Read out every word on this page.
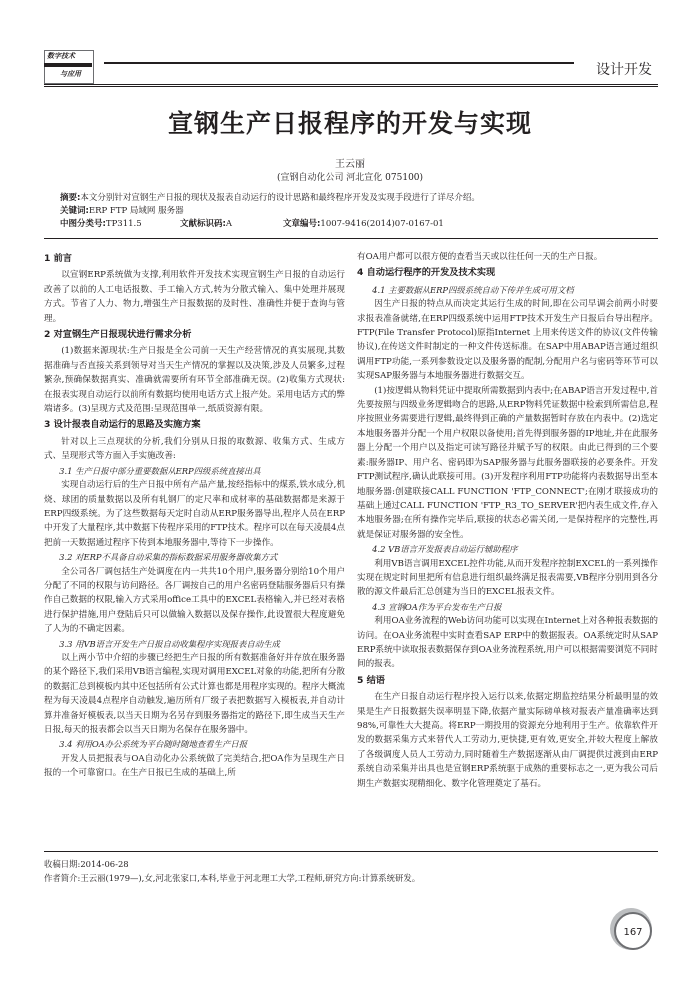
数字技术
与应用	设计开发
宣钢生产日报程序的开发与实现
王云丽
(宣钢自动化公司 河北宣化 075100)
摘要:本文分别针对宣钢生产日报的现状及报表自动运行的设计思路和最终程序开发及实现手段进行了详尽介绍。
关键词:ERP FTP 局域网 服务器
中图分类号:TP311.5	文献标识码:A	文章编号:1007-9416(2014)07-0167-01
1 前言

以宣钢ERP系统做为支撑,利用软件开发技术实现宣钢生产日报的自动运行改善了以前的人工电话报数、手工输入方式,转为分散式输入、集中处理并展现方式。节省了人力、物力,增强生产日报数据的及时性、准确性并便于查询与管理。

2 对宣钢生产日报现状进行需求分析

(1)数据来源现状:生产日报是全公司前一天生产经营情况的真实展现,其数据准确与否直接关系到领导对当天生产情况的掌握以及决策,涉及人员繁多,过程繁杂,预确保数据真实、准确就需要所有环节全部准确无误。(2)收集方式现状:在报表实现自动运行以前所有数据均使用电话方式上报产处。采用电话方式的弊端诸多。(3)呈现方式及范围:呈现范围单一,纸质资源有限。

3 设计报表自动运行的思路及实施方案

针对以上三点现状的分析,我们分别从日报的取数源、收集方式、生成方式、呈现形式等方面入手实施改善:

3.1 生产日报中部分重要数据从ERP四级系统直接出具

实现自动运行后的生产日报中所有产品产量,按经指标中的煤系,铁水成分,机烧、球团的质量数据以及所有轧钢厂的定尺率和成材率的基础数据都是来源于ERP四级系统。为了这些数据每天定时自动从ERP服务器导出,程序人员在ERP中开发了大量程序,其中数据下传程序采用的FTP技术。程序可以在每天凌晨4点把前一天数据通过程序下传到本地服务器中,等待下一步操作。

3.2 对ERP不具备自动采集的指标数据采用服务器收集方式

全公司各厂调包括生产处调度在内一共共10个用户,服务器分别给10个用户分配了不同的权限与访问路径。各厂调按自己的用户名密码登陆服务器后只有操作自己数据的权限,输入方式采用office工具中的EXCEL表格输入,并已经对表格进行保护措施,用户登陆后只可以做输入数据以及保存操作,此设置很大程度避免了人为的不确定因素。

3.3 用VB语言开发生产日报自动收集程序实现报表自动生成

以上两小节中介绍的步骤已经把生产日报的所有数据准备好并存放在服务器的某个路径下,我们采用VB语言编程,实现对调用EXCEL对象的功能,把所有分散的数据汇总到模板内其中还包括所有公式计算也都是用程序实现的。程序大概流程为每天凌晨4点程序自动触发,遍历所有厂级子表把数据写入模板表,并自动计算并准备好模板表,以当天日期为名另存到服务器指定的路径下,即生成当天生产日报,每天的报表都会以当天日期为名保存在服务器中。

3.4 利用OA办公系统为平台随时随地查看生产日报

开发人员把报表与OA自动化办公系统做了完美结合,把OA作为呈现生产日报的一个可靠窗口。在生产日报已生成的基础上,所

有OA用户都可以很方便的查看当天或以往任何一天的生产日报。

4 自动运行程序的开发及技术实现
4.1 主要数据从ERP四级系统自动下传并生成可用文档

因生产日报的特点从而决定其运行生成的时间,即在公司早调会前两小时要求报表准备就绪,在ERP四级系统中运用FTP技术开发生产日报后台导出程序。FTP(File Transfer Protocol)原指Internet 上用来传送文件的协议(文件传输协议),在传送文件时制定的一种文件传送标准。在SAP中用ABAP语言通过组织调用FTP功能,一系列参数设定以及服务器的配制,分配用户名与密码等环节可以实现SAP服务器与本地服务器进行数据交互。

(1)按逻辑从物料凭证中提取所需数据到内表中;在ABAP语言开发过程中,首先要按照与四级业务逻辑吻合的思路,从ERP物料凭证数据中检索到所需信息,程序按照业务需要进行逻辑,最终得到正确的产量数据暂时存放在内表中。(2)选定本地服务器并分配一个用户权限以备使用;首先得到服务器的IP地址,并在此服务器上分配一个用户以及指定可读写路径并赋予写的权限。由此已得到的三个要素:服务器IP、用户名、密码即为SAP服务器与此服务器联接的必要条件。开发FTP测试程序,确认此联接可用。(3)开发程序利用FTP功能将内表数据导出至本地服务器:创建联接CALL FUNCTION 'FTP_CONNECT';在刚才联接成功的基础上通过CALL FUNCTION 'FTP_R3_TO_SERVER'把内表生成文件,存入本地服务器;在所有操作完毕后,联接的状态必需关闭,一是保持程序的完整性,再就是保证对服务器的安全性。

4.2 VB语言开发报表自动运行辅助程序

利用VB语言调用EXCEL控件功能,从而开发程序控制EXCEL的一系列操作实现在规定时间里把所有信息进行组织最终满足报表需要,VB程序分别用到各分散的源文件最后汇总创建为当日的EXCEL报表文件。

4.3 宣钢OA作为平台发布生产日报

利用OA业务流程的Web访问功能可以实现在Internet上对各种报表数据的访问。在OA业务流程中实时查看SAP ERP中的数据报表。OA系统定时从SAP ERP系统中读取报表数据保存到OA业务流程系统,用户可以根据需要浏览不同时间的报表。

5 结语

在生产日报自动运行程序投入运行以来,依据定期监控结果分析最明显的效果是生产日报数据失误率明显下降,依据产量实际磅单核对报表产量准确率达到98%,可靠性大大提高。将ERP一期投用的资源充分地利用于生产。依靠软件开发的数据采集方式来替代人工劳动力,更快捷,更有效,更安全,并较大程度上解放了各级调度人员人工劳动力,同时随着生产数据逐渐从由厂调提供过渡到由ERP系统自动采集并出具也是宣钢ERP系统驱于成熟的重要标志之一,更为我公司后期生产数据实现精细化、数字化管理奠定了基石。

收稿日期:2014-06-28
作者简介:王云丽(1979—),女,河北张家口,本科,毕业于河北理工大学,工程师,研究方向:计算系统研发。
167
